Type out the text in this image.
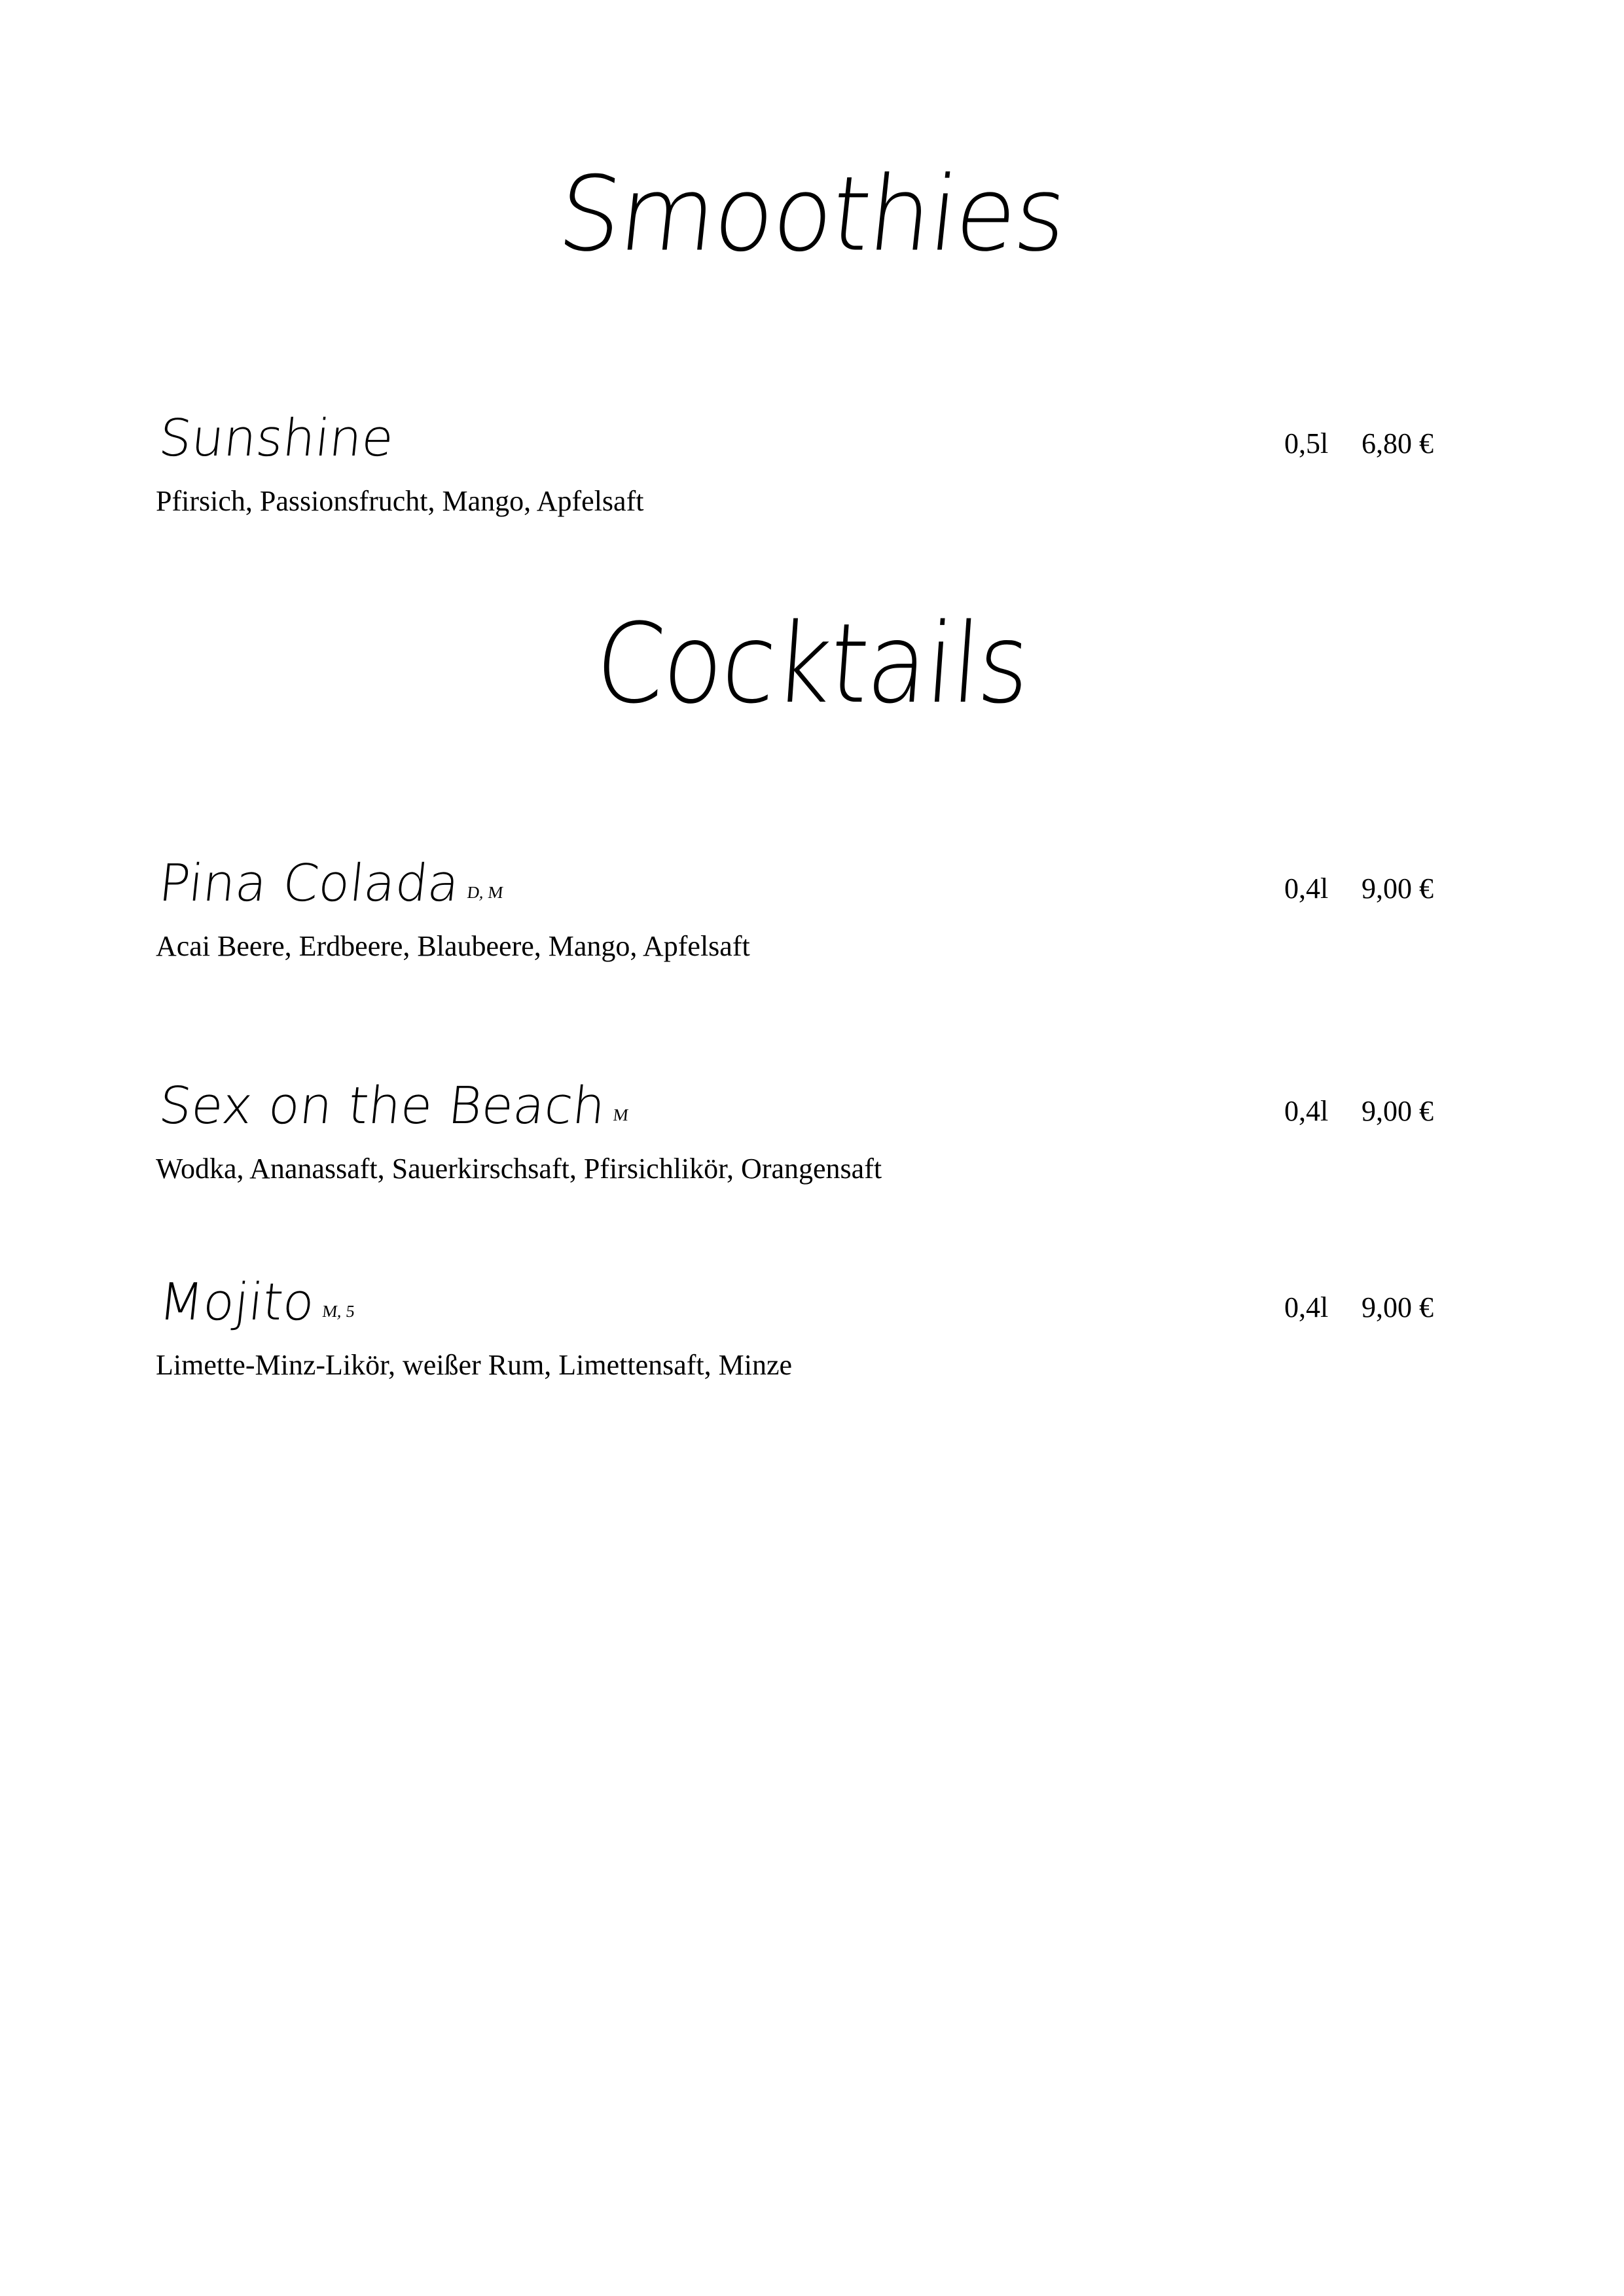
Smoothies
Sunshine	0,5l 6,80 €
Pfirsich, Passionsfrucht, Mango, Apfelsaft
Cocktails
Pina Colada $^{D, M}$	0,4l 9,00 €
Acai Beere, Erdbeere, Blaubeere, Mango, Apfelsaft
Sex on the Beach $^M$	0,4l 9,00 €
Wodka, Ananassaft, Sauerkirschsaft, Pfirsichlikör, Orangensaft
Mojito $^{M, 5}$	0,4l 9,00 €
Limette-Minz-Likör, weißer Rum, Limettensaft, Minze
